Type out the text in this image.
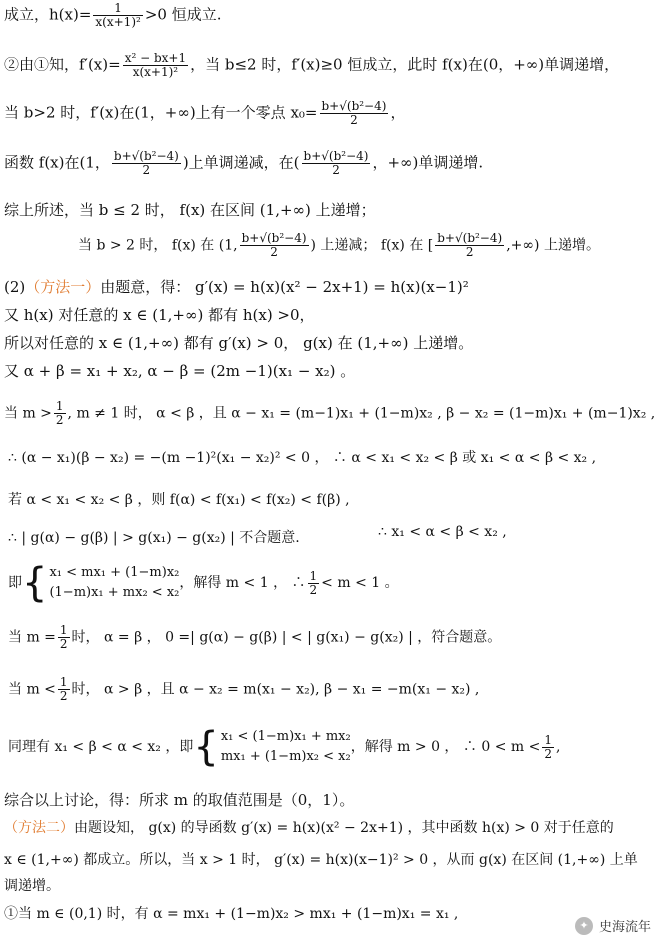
成立，$h(x)= \frac{1}{\text{x(x+1)²}} >0$ 恒成立.
②由①知，$f'(x)= \frac{\text{x² − bx+1}}{\text{x(x+1)²}}$ ，当 b≤2 时，f′(x)≥0 恒成立，此时 f(x)在(0，+∞)单调递增，
当 b>2 时，f′(x)在(1，+∞)上有一个零点 $x_0= \frac{\text{b+√(b²−4)}}{2}$ ，
函数 f(x)在(1， $\frac{\text{b+√(b²−4)}}{2}$ )上单调递减，在( $\frac{\text{b+√(b²−4)}}{2}$ ，+∞)单调递增.
综上所述，当 b ≤ 2 时， f(x) 在区间 (1,+∞) 上递增；
当 b > 2 时， f(x) 在 (1, $\frac{\text{b+√(b²−4)}}{2}$ ) 上递减； f(x) 在 [ $\frac{\text{b+√(b²−4)}}{2}$ ,+∞) 上递增。
(2)（方法一）由题意，得： g′(x) = h(x)(x² − 2x+1) = h(x)(x−1)²
又 h(x) 对任意的 x ∈ (1,+∞) 都有 h(x) >0，
所以对任意的 x ∈ (1,+∞) 都有 g′(x) > 0， g(x) 在 (1,+∞) 上递增。
又 α + β = x₁ + x₂, α − β = (2m −1)(x₁ − x₂) 。
当 $m > \frac{1}{2}$ , m ≠ 1 时， α < β ，且 α − x₁ = (m−1)x₁ + (1−m)x₂ , β − x₂ = (1−m)x₁ + (m−1)x₂ ,
∴ (α − x₁)(β − x₂) = −(m −1)²(x₁ − x₂)² < 0 ， ∴ α < x₁ < x₂ < β 或 x₁ < α < β < x₂ ,
若 α < x₁ < x₂ < β ，则 f(α) < f(x₁) < f(x₂) < f(β) ,
∴ | g(α) − g(β) | > g(x₁) − g(x₂) | 不合题意.	∴ x₁ < α < β < x₂ ,
即{ x₁ < mx₁ + (1−m)x₂
(1−m)x₁ + mx₂ < x₂
，解得 m < 1 ， ∴ $\frac{1}{2} < m < 1$ 。
当 $m = \frac{1}{2}$ 时， α = β ， 0 =| g(α) − g(β) | < | g(x₁) − g(x₂) | ，符合题意。
当 $m < \frac{1}{2}$ 时， α > β ，且 α − x₂ = m(x₁ − x₂), β − x₁ = −m(x₁ − x₂) ,
同理有 x₁ < β < α < x₂ ，即{ x₁ < (1−m)x₁ + mx₂
mx₁ + (1−m)x₂ < x₂
，解得 m > 0 ， ∴ $0 < m < \frac{1}{2}$ ,
综合以上讨论，得：所求 m 的取值范围是（0，1）。
（方法二）由题设知， g(x) 的导函数 g′(x) = h(x)(x² − 2x+1) ，其中函数 h(x) > 0 对于任意的
x ∈ (1,+∞) 都成立。所以，当 x > 1 时， g′(x) = h(x)(x−1)² > 0 ，从而 g(x) 在区间 (1,+∞) 上单
调递增。
①当 m ∈ (0,1) 时，有 α = mx₁ + (1−m)x₂ > mx₁ + (1−m)x₁ = x₁ ,
✦ 史海流年
